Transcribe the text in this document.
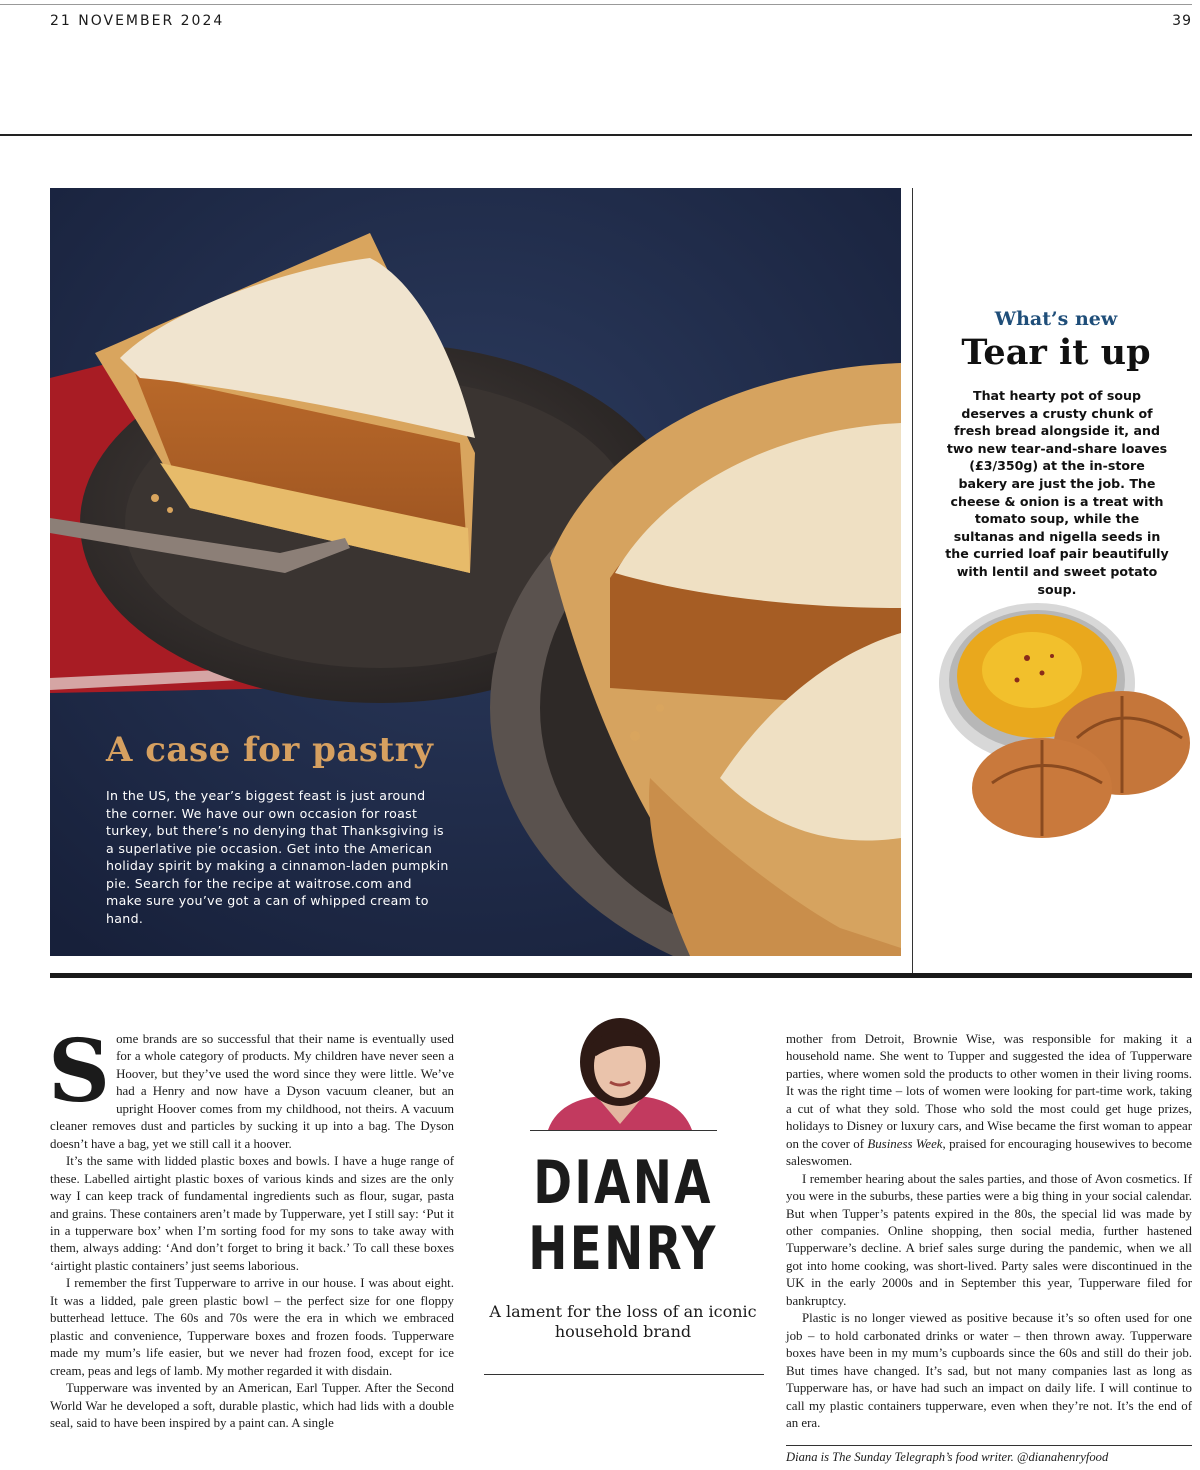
21 NOVEMBER 2024	39
A case for pastry
In the US, the year’s biggest feast is just around the corner. We have our own occasion for roast turkey, but there’s no denying that Thanksgiving is a superlative pie occasion. Get into the American holiday spirit by making a cinnamon-laden pumpkin pie. Search for the recipe at waitrose.com and make sure you’ve got a can of whipped cream to hand.
What’s new
Tear it up
That hearty pot of soup deserves a crusty chunk of fresh bread alongside it, and two new tear-and-share loaves (£3/350g) at the in-store bakery are just the job. The cheese & onion is a treat with tomato soup, while the sultanas and nigella seeds in the curried loaf pair beautifully with lentil and sweet potato soup.

Some brands are so successful that their name is eventually used for a whole category of products. My children have never seen a Hoover, but they’ve used the word since they were little. We’ve had a Henry and now have a Dyson vacuum cleaner, but an upright Hoover comes from my childhood, not theirs. A vacuum cleaner removes dust and particles by sucking it up into a bag. The Dyson doesn’t have a bag, yet we still call it a hoover.

It’s the same with lidded plastic boxes and bowls. I have a huge range of these. Labelled airtight plastic boxes of various kinds and sizes are the only way I can keep track of fundamental ingredients such as flour, sugar, pasta and grains. These containers aren’t made by Tupperware, yet I still say: ‘Put it in a tupperware box’ when I’m sorting food for my sons to take away with them, always adding: ‘And don’t forget to bring it back.’ To call these boxes ‘airtight plastic containers’ just seems laborious.

I remember the first Tupperware to arrive in our house. I was about eight. It was a lidded, pale green plastic bowl – the perfect size for one floppy butterhead lettuce. The 60s and 70s were the era in which we embraced plastic and convenience, Tupperware boxes and frozen foods. Tupperware made my mum’s life easier, but we never had frozen food, except for ice cream, peas and legs of lamb. My mother regarded it with disdain.

Tupperware was invented by an American, Earl Tupper. After the Second World War he developed a soft, durable plastic, which had lids with a double seal, said to have been inspired by a paint can. A single

DIANA
HENRY
A lament for the loss of an iconic household brand

mother from Detroit, Brownie Wise, was responsible for making it a household name. She went to Tupper and suggested the idea of Tupperware parties, where women sold the products to other women in their living rooms. It was the right time – lots of women were looking for part-time work, taking a cut of what they sold. Those who sold the most could get huge prizes, holidays to Disney or luxury cars, and Wise became the first woman to appear on the cover of Business Week, praised for encouraging housewives to become saleswomen.

I remember hearing about the sales parties, and those of Avon cosmetics. If you were in the suburbs, these parties were a big thing in your social calendar. But when Tupper’s patents expired in the 80s, the special lid was made by other companies. Online shopping, then social media, further hastened Tupperware’s decline. A brief sales surge during the pandemic, when we all got into home cooking, was short-lived. Party sales were discontinued in the UK in the early 2000s and in September this year, Tupperware filed for bankruptcy.

Plastic is no longer viewed as positive because it’s so often used for one job – to hold carbonated drinks or water – then thrown away. Tupperware boxes have been in my mum’s cupboards since the 60s and still do their job. But times have changed. It’s sad, but not many companies last as long as Tupperware has, or have had such an impact on daily life. I will continue to call my plastic containers tupperware, even when they’re not. It’s the end of an era.

Diana is The Sunday Telegraph’s food writer. @dianahenryfood
